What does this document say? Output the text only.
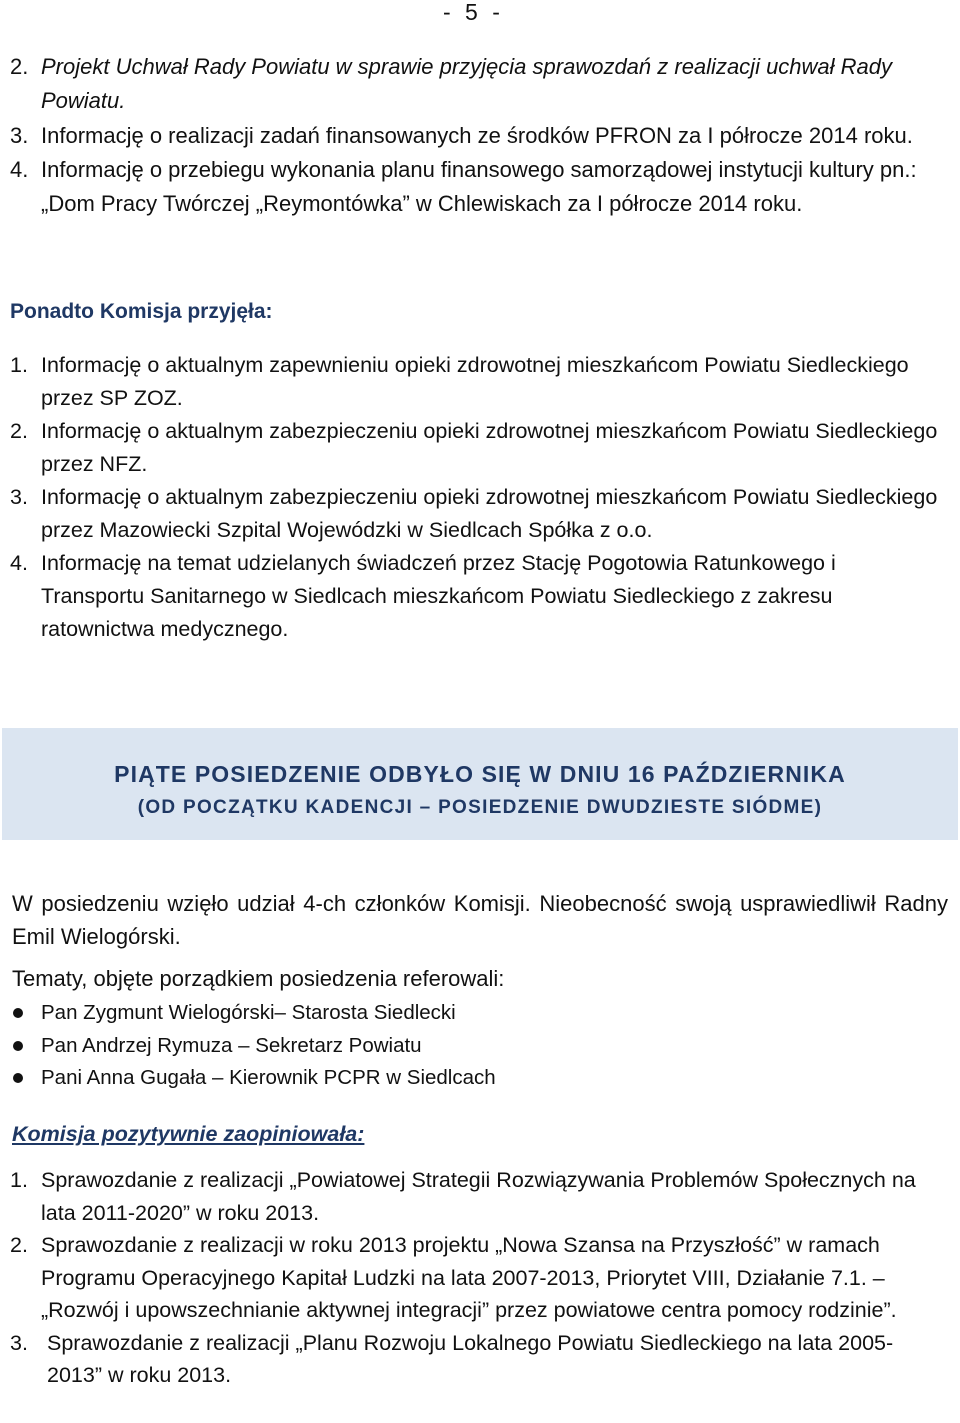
- 5 -
2. Projekt Uchwał Rady Powiatu w sprawie przyjęcia sprawozdań z realizacji uchwał Rady Powiatu.
3. Informację o realizacji zadań finansowanych ze środków PFRON za I półrocze 2014 roku.
4. Informację o przebiegu wykonania planu finansowego samorządowej instytucji kultury pn.: „Dom Pracy Twórczej „Reymontówka” w Chlewiskach za I półrocze 2014 roku.
Ponadto Komisja przyjęła:
1. Informację o aktualnym zapewnieniu opieki zdrowotnej mieszkańcom Powiatu Siedleckiego przez SP ZOZ.
2. Informację o aktualnym zabezpieczeniu opieki zdrowotnej mieszkańcom Powiatu Siedleckiego przez NFZ.
3. Informację o aktualnym zabezpieczeniu opieki zdrowotnej mieszkańcom Powiatu Siedleckiego przez Mazowiecki Szpital Wojewódzki w Siedlcach Spółka z o.o.
4. Informację na temat udzielanych świadczeń przez Stację Pogotowia Ratunkowego i Transportu Sanitarnego w Siedlcach mieszkańcom Powiatu Siedleckiego z zakresu ratownictwa medycznego.
PIĄTE POSIEDZENIE ODBYŁO SIĘ W DNIU 16 PAŹDZIERNIKA
(OD POCZĄTKU KADENCJI – POSIEDZENIE DWUDZIESTE SIÓDME)

W posiedzeniu wzięło udział 4-ch członków Komisji. Nieobecność swoją usprawiedliwił Radny Emil Wielogórski.

Tematy, objęte porządkiem posiedzenia referowali:

Pan Zygmunt Wielogórski– Starosta Siedlecki
Pan Andrzej Rymuza – Sekretarz Powiatu
Pani Anna Gugała – Kierownik PCPR w Siedlcach

Komisja pozytywnie zaopiniowała:

1. Sprawozdanie z realizacji „Powiatowej Strategii Rozwiązywania Problemów Społecznych na lata 2011-2020” w roku 2013.
2. Sprawozdanie z realizacji w roku 2013 projektu „Nowa Szansa na Przyszłość” w ramach Programu Operacyjnego Kapitał Ludzki na lata 2007-2013, Priorytet VIII, Działanie 7.1. – „Rozwój i upowszechnianie aktywnej integracji” przez powiatowe centra pomocy rodzinie”.
3. Sprawozdanie z realizacji „Planu Rozwoju Lokalnego Powiatu Siedleckiego na lata 2005-2013” w roku 2013.
